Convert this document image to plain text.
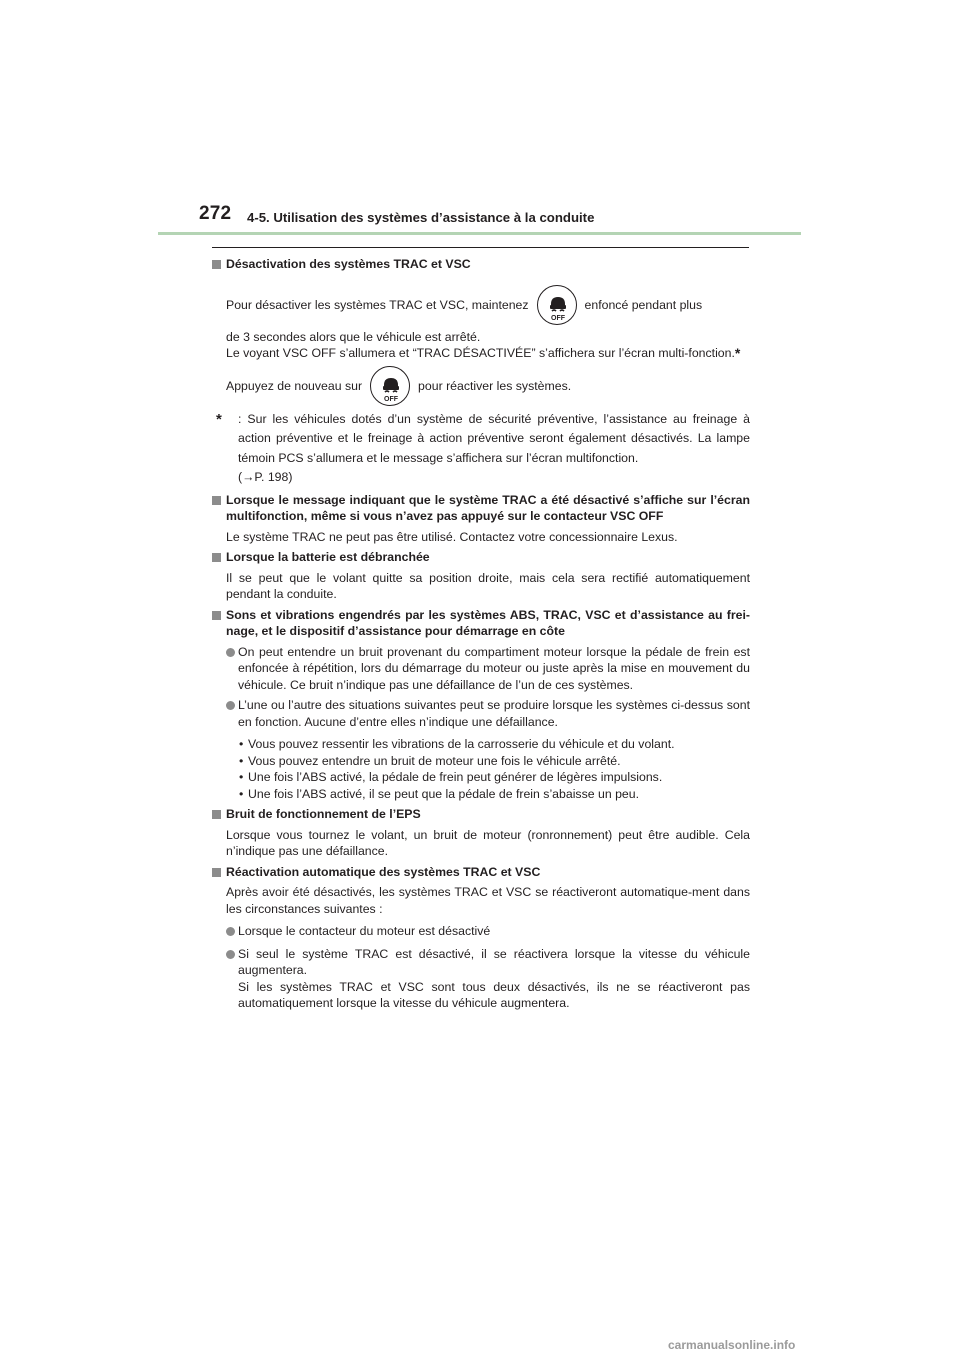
272 4-5. Utilisation des systèmes d’assistance à la conduite
Désactivation des systèmes TRAC et VSC
Pour désactiver les systèmes TRAC et VSC, maintenez
OFF
enfoncé pendant plus
de 3 secondes alors que le véhicule est arrêté.
Le voyant VSC OFF s’allumera et “TRAC DÉSACTIVÉE” s’affichera sur l’écran multi-fonction.*
Appuyez de nouveau sur
OFF
pour réactiver les systèmes.
* : Sur les véhicules dotés d’un système de sécurité préventive, l’assistance au freinage à action préventive et le freinage à action préventive seront également désactivés. La lampe témoin PCS s’allumera et le message s’affichera sur l’écran multifonction.
(→P. 198)
Lorsque le message indiquant que le système TRAC a été désactivé s’affiche sur l’écran multifonction, même si vous n’avez pas appuyé sur le contacteur VSC OFF
Le système TRAC ne peut pas être utilisé. Contactez votre concessionnaire Lexus.
Lorsque la batterie est débranchée
Il se peut que le volant quitte sa position droite, mais cela sera rectifié automatiquement pendant la conduite.
Sons et vibrations engendrés par les systèmes ABS, TRAC, VSC et d’assistance au frei-nage, et le dispositif d’assistance pour démarrage en côte
On peut entendre un bruit provenant du compartiment moteur lorsque la pédale de frein est enfoncée à répétition, lors du démarrage du moteur ou juste après la mise en mouvement du véhicule. Ce bruit n’indique pas une défaillance de l’un de ces systèmes.
L’une ou l’autre des situations suivantes peut se produire lorsque les systèmes ci-dessus sont en fonction. Aucune d’entre elles n’indique une défaillance.
• Vous pouvez ressentir les vibrations de la carrosserie du véhicule et du volant.
• Vous pouvez entendre un bruit de moteur une fois le véhicule arrêté.
• Une fois l’ABS activé, la pédale de frein peut générer de légères impulsions.
• Une fois l’ABS activé, il se peut que la pédale de frein s’abaisse un peu.
Bruit de fonctionnement de l’EPS
Lorsque vous tournez le volant, un bruit de moteur (ronronnement) peut être audible. Cela n’indique pas une défaillance.
Réactivation automatique des systèmes TRAC et VSC
Après avoir été désactivés, les systèmes TRAC et VSC se réactiveront automatique-ment dans les circonstances suivantes :
Lorsque le contacteur du moteur est désactivé
Si seul le système TRAC est désactivé, il se réactivera lorsque la vitesse du véhicule augmentera.
Si les systèmes TRAC et VSC sont tous deux désactivés, ils ne se réactiveront pas automatiquement lorsque la vitesse du véhicule augmentera.
carmanualsonline.info
